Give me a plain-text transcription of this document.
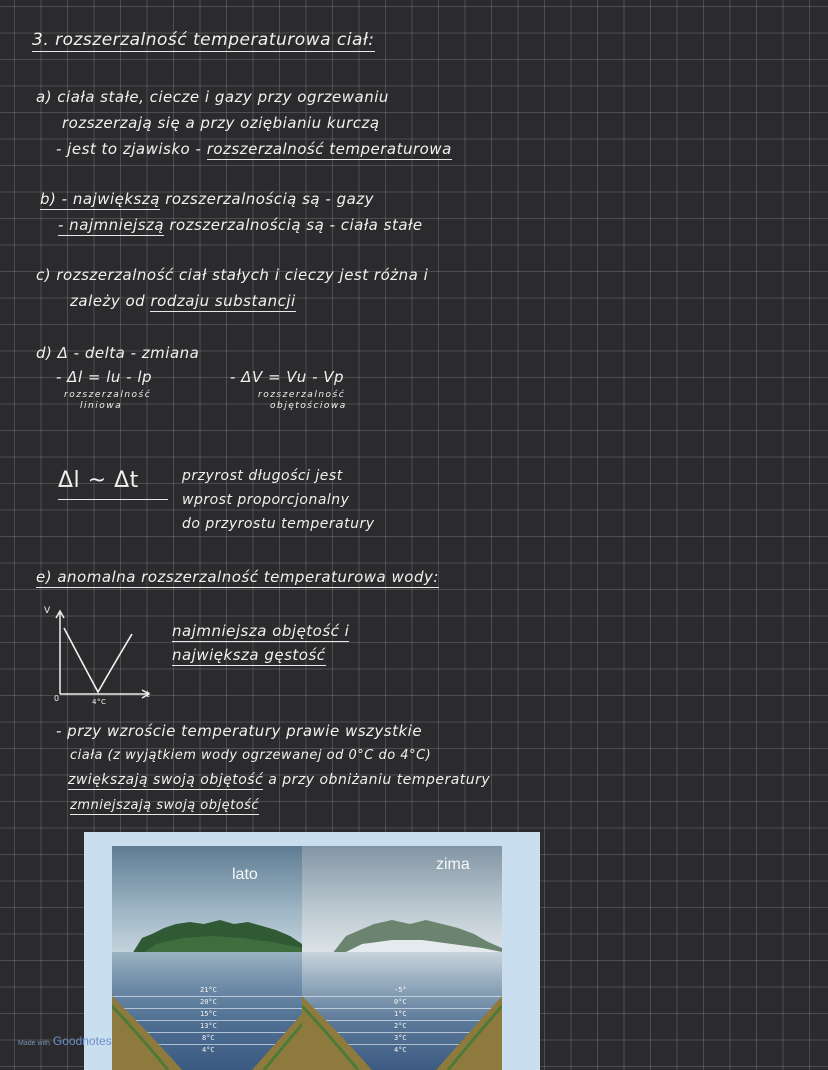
3. rozszerzalność temperaturowa ciał:
a) ciała stałe, ciecze i gazy przy ogrzewaniu
rozszerzają się a przy oziębianiu kurczą
- jest to zjawisko - rozszerzalność temperaturowa
b) - największą rozszerzalnością są - gazy
- najmniejszą rozszerzalnością są - ciała stałe
c) rozszerzalność ciał stałych i cieczy jest różna i
zależy od rodzaju substancji
d) Δ - delta - zmiana
- Δl = lu - lp
rozszerzalność
liniowa
- ΔV = Vu - Vp
rozszerzalność
objętościowa
Δl ~ Δt	przyrost długości jest
wprost proporcjonalny
do przyrostu temperatury
e) anomalna rozszerzalność temperaturowa wody:
V
t
0	4°C
najmniejsza objętość i
największa gęstość
- przy wzroście temperatury prawie wszystkie
ciała (z wyjątkiem wody ogrzewanej od 0°C do 4°C)
zwiększają swoją objętość a przy obniżaniu temperatury
zmniejszają swoją objętość
lato
21°C
20°C
15°C
13°C
8°C
4°C
zima
-5°
0°C
1°C
2°C
3°C
4°C
Made with Goodnotes
